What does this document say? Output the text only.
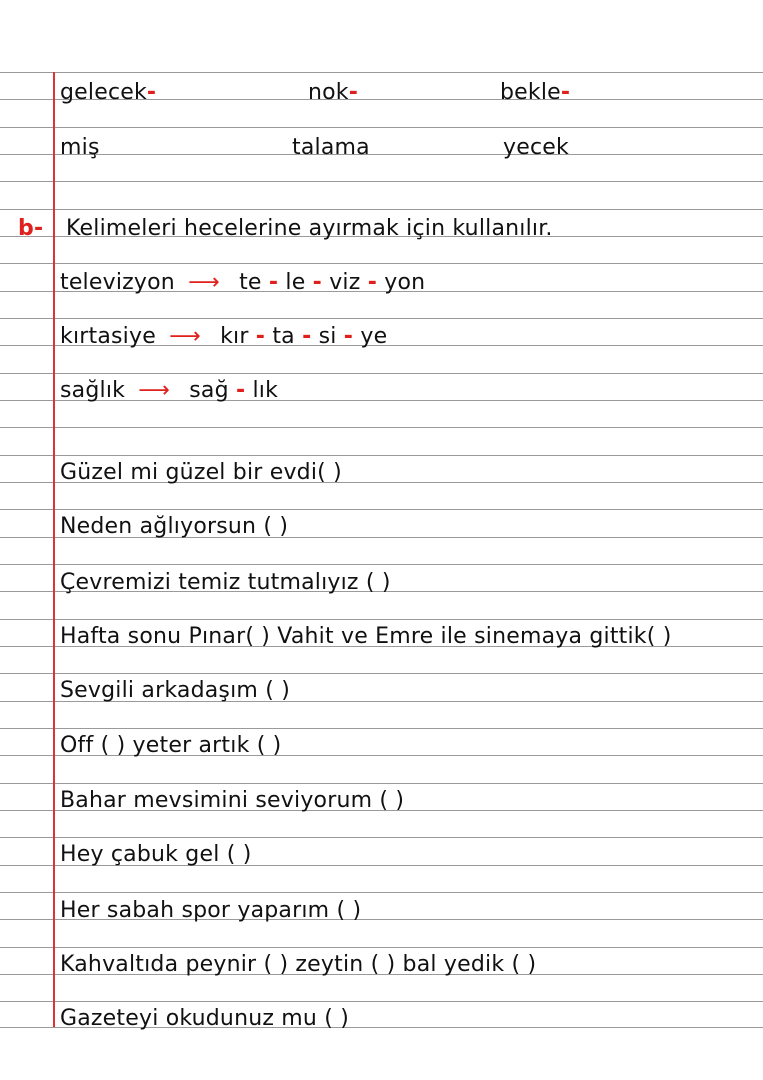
gelecek-	nok-	bekle-
miş	talama	yecek
b- Kelimeleri hecelerine ayırmak için kullanılır.
televizyon ⟶ te - le - viz - yon
kırtasiye ⟶ kır - ta - si - ye
sağlık ⟶ sağ - lık
Güzel mi güzel bir evdi( )
Neden ağlıyorsun ( )
Çevremizi temiz tutmalıyız ( )
Hafta sonu Pınar( ) Vahit ve Emre ile sinemaya gittik( )
Sevgili arkadaşım ( )
Off ( ) yeter artık ( )
Bahar mevsimini seviyorum ( )
Hey çabuk gel ( )
Her sabah spor yaparım ( )
Kahvaltıda peynir ( ) zeytin ( ) bal yedik ( )
Gazeteyi okudunuz mu ( )
